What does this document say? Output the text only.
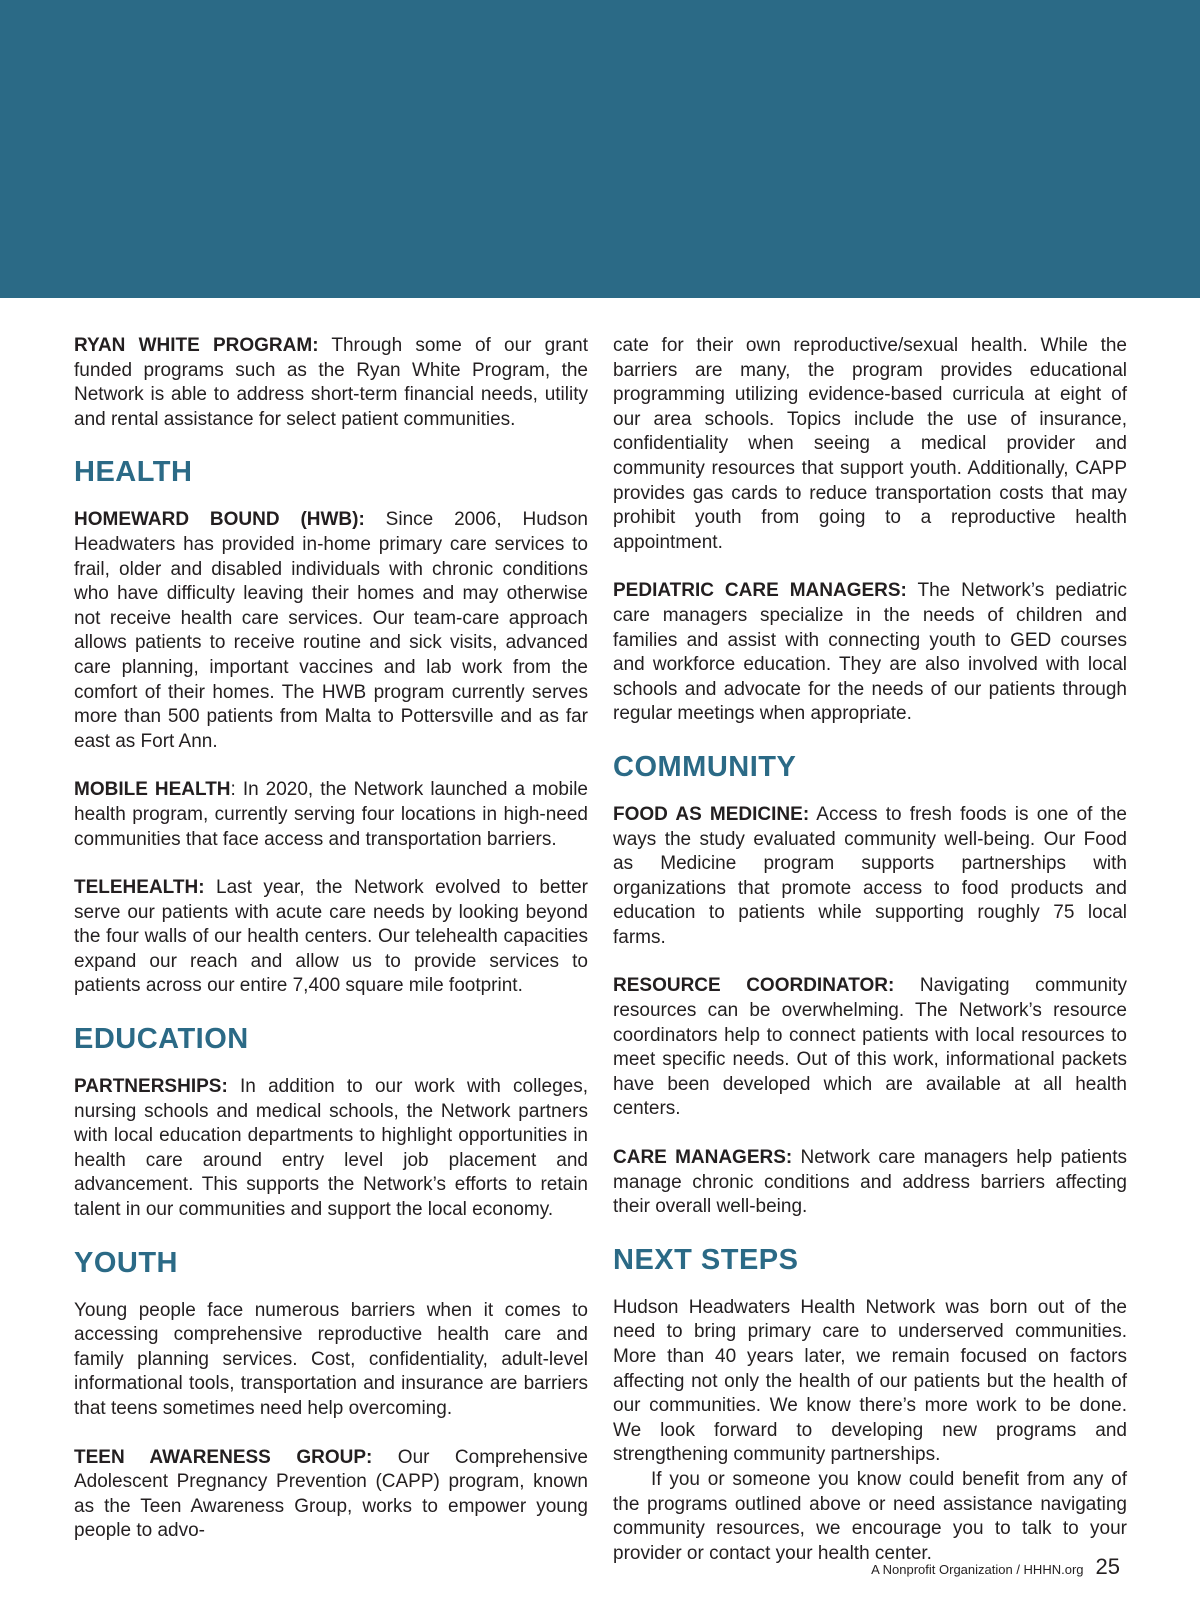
RYAN WHITE PROGRAM: Through some of our grant funded programs such as the Ryan White Program, the Network is able to address short-term financial needs, utility and rental assistance for select patient communities.

HEALTH

HOMEWARD BOUND (HWB): Since 2006, Hudson Headwaters has provided in-home primary care services to frail, older and disabled individuals with chronic conditions who have difficulty leaving their homes and may otherwise not receive health care services. Our team-care approach allows patients to receive routine and sick visits, advanced care planning, important vaccines and lab work from the comfort of their homes. The HWB program currently serves more than 500 patients from Malta to Pottersville and as far east as Fort Ann.

MOBILE HEALTH: In 2020, the Network launched a mobile health program, currently serving four locations in high-need communities that face access and transportation barriers.

TELEHEALTH: Last year, the Network evolved to better serve our patients with acute care needs by looking beyond the four walls of our health centers. Our telehealth capacities expand our reach and allow us to provide services to patients across our entire 7,400 square mile footprint.

EDUCATION

PARTNERSHIPS: In addition to our work with colleges, nursing schools and medical schools, the Network partners with local education departments to highlight opportunities in health care around entry level job placement and advancement. This supports the Network’s efforts to retain talent in our communities and support the local economy.

YOUTH

Young people face numerous barriers when it comes to accessing comprehensive reproductive health care and family planning services. Cost, confidentiality, adult-level informational tools, transportation and insurance are barriers that teens sometimes need help overcoming.

TEEN AWARENESS GROUP: Our Comprehensive Adolescent Pregnancy Prevention (CAPP) program, known as the Teen Awareness Group, works to empower young people to advo-

cate for their own reproductive/sexual health. While the barriers are many, the program provides educational programming utilizing evidence-based curricula at eight of our area schools. Topics include the use of insurance, confidentiality when seeing a medical provider and community resources that support youth. Additionally, CAPP provides gas cards to reduce transportation costs that may prohibit youth from going to a reproductive health appointment.

PEDIATRIC CARE MANAGERS: The Network’s pediatric care managers specialize in the needs of children and families and assist with connecting youth to GED courses and workforce education. They are also involved with local schools and advocate for the needs of our patients through regular meetings when appropriate.

COMMUNITY

FOOD AS MEDICINE: Access to fresh foods is one of the ways the study evaluated community well-being. Our Food as Medicine program supports partnerships with organizations that promote access to food products and education to patients while supporting roughly 75 local farms.

RESOURCE COORDINATOR: Navigating community resources can be overwhelming. The Network’s resource coordinators help to connect patients with local resources to meet specific needs. Out of this work, informational packets have been developed which are available at all health centers.

CARE MANAGERS: Network care managers help patients manage chronic conditions and address barriers affecting their overall well-being.

NEXT STEPS

Hudson Headwaters Health Network was born out of the need to bring primary care to underserved communities. More than 40 years later, we remain focused on factors affecting not only the health of our patients but the health of our communities. We know there’s more work to be done. We look forward to developing new programs and strengthening community partnerships.

If you or someone you know could benefit from any of the programs outlined above or need assistance navigating community resources, we encourage you to talk to your provider or contact your health center.

A Nonprofit Organization / HHHN.org 25
